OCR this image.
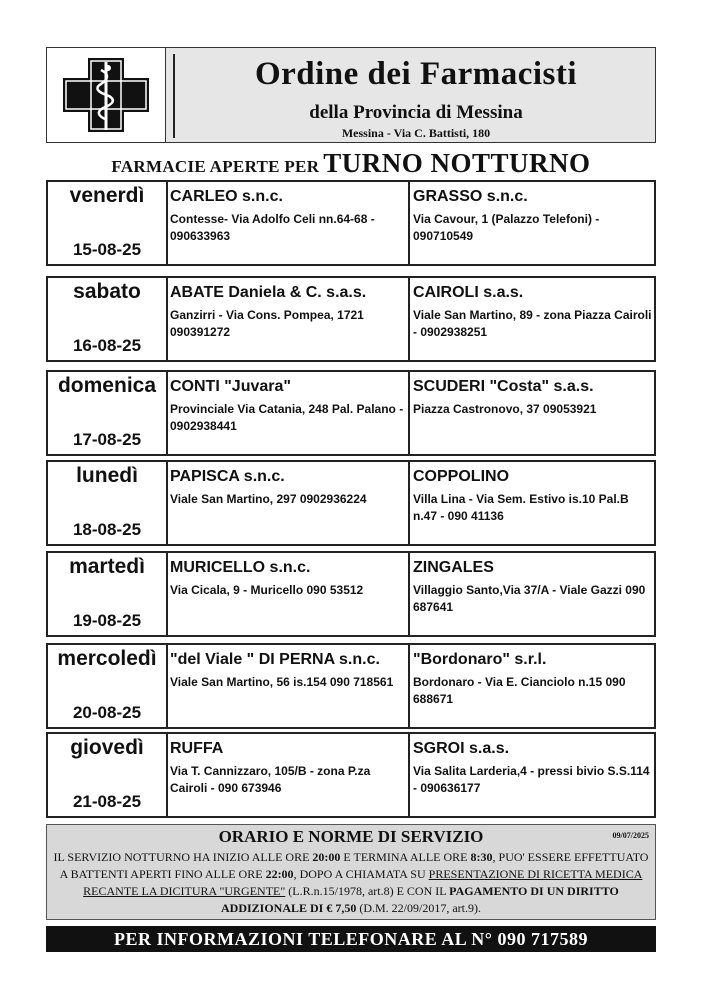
Ordine dei Farmacisti
della Provincia di Messina
Messina - Via C. Battisti, 180
FARMACIE APERTE PER TURNO NOTTURNO
venerdì
15-08-25
CARLEO s.n.c.
Contesse- Via Adolfo Celi nn.64-68 - 090633963
GRASSO s.n.c.
Via Cavour, 1 (Palazzo Telefoni) - 090710549
sabato
16-08-25
ABATE Daniela & C. s.a.s.
Ganzirri - Via Cons. Pompea, 1721 090391272
CAIROLI s.a.s.
Viale San Martino, 89 - zona Piazza Cairoli - 0902938251
domenica
17-08-25
CONTI "Juvara"
Provinciale Via Catania, 248 Pal. Palano - 0902938441
SCUDERI "Costa" s.a.s.
Piazza Castronovo, 37 09053921
lunedì
18-08-25
PAPISCA s.n.c.
Viale San Martino, 297 0902936224
COPPOLINO
Villa Lina - Via Sem. Estivo is.10 Pal.B n.47 - 090 41136
martedì
19-08-25
MURICELLO s.n.c.
Via Cicala, 9 - Muricello 090 53512
ZINGALES
Villaggio Santo,Via 37/A - Viale Gazzi 090 687641
mercoledì
20-08-25
"del Viale " DI PERNA s.n.c.
Viale San Martino, 56 is.154 090 718561
"Bordonaro" s.r.l.
Bordonaro - Via E. Cianciolo n.15 090 688671
giovedì
21-08-25
RUFFA
Via T. Cannizzaro, 105/B - zona P.za Cairoli - 090 673946
SGROI s.a.s.
Via Salita Larderia,4 - pressi bivio S.S.114 - 090636177
ORARIO E NORME DI SERVIZIO	09/07/2025
IL SERVIZIO NOTTURNO HA INIZIO ALLE ORE 20:00 E TERMINA ALLE ORE 8:30, PUO' ESSERE EFFETTUATO A BATTENTI APERTI FINO ALLE ORE 22:00, DOPO A CHIAMATA SU PRESENTAZIONE DI RICETTA MEDICA RECANTE LA DICITURA "URGENTE" (L.R.n.15/1978, art.8) E CON IL PAGAMENTO DI UN DIRITTO ADDIZIONALE DI € 7,50 (D.M. 22/09/2017, art.9).
PER INFORMAZIONI TELEFONARE AL N° 090 717589
